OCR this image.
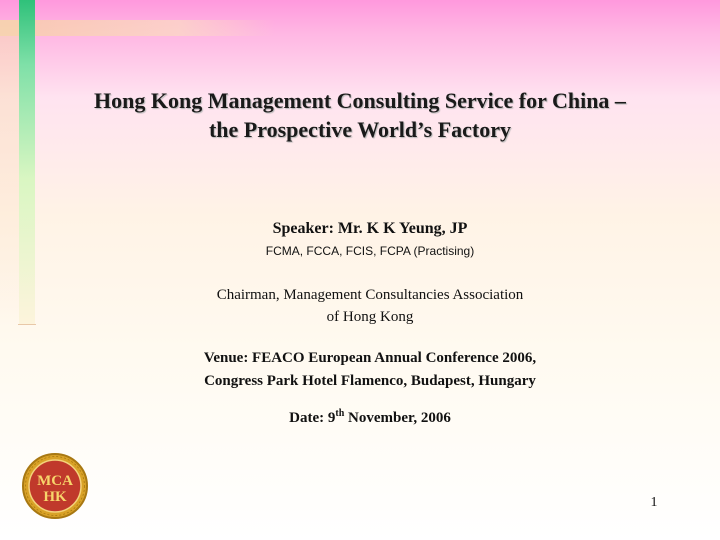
Hong Kong Management Consulting Service for China –
the Prospective World’s Factory
Speaker: Mr. K K Yeung, JP
FCMA, FCCA, FCIS, FCPA (Practising)
Chairman, Management Consultancies Association
of Hong Kong
Venue: FEACO European Annual Conference 2006,
Congress Park Hotel Flamenco, Budapest, Hungary
Date: 9th November, 2006
MCA
HK	1
